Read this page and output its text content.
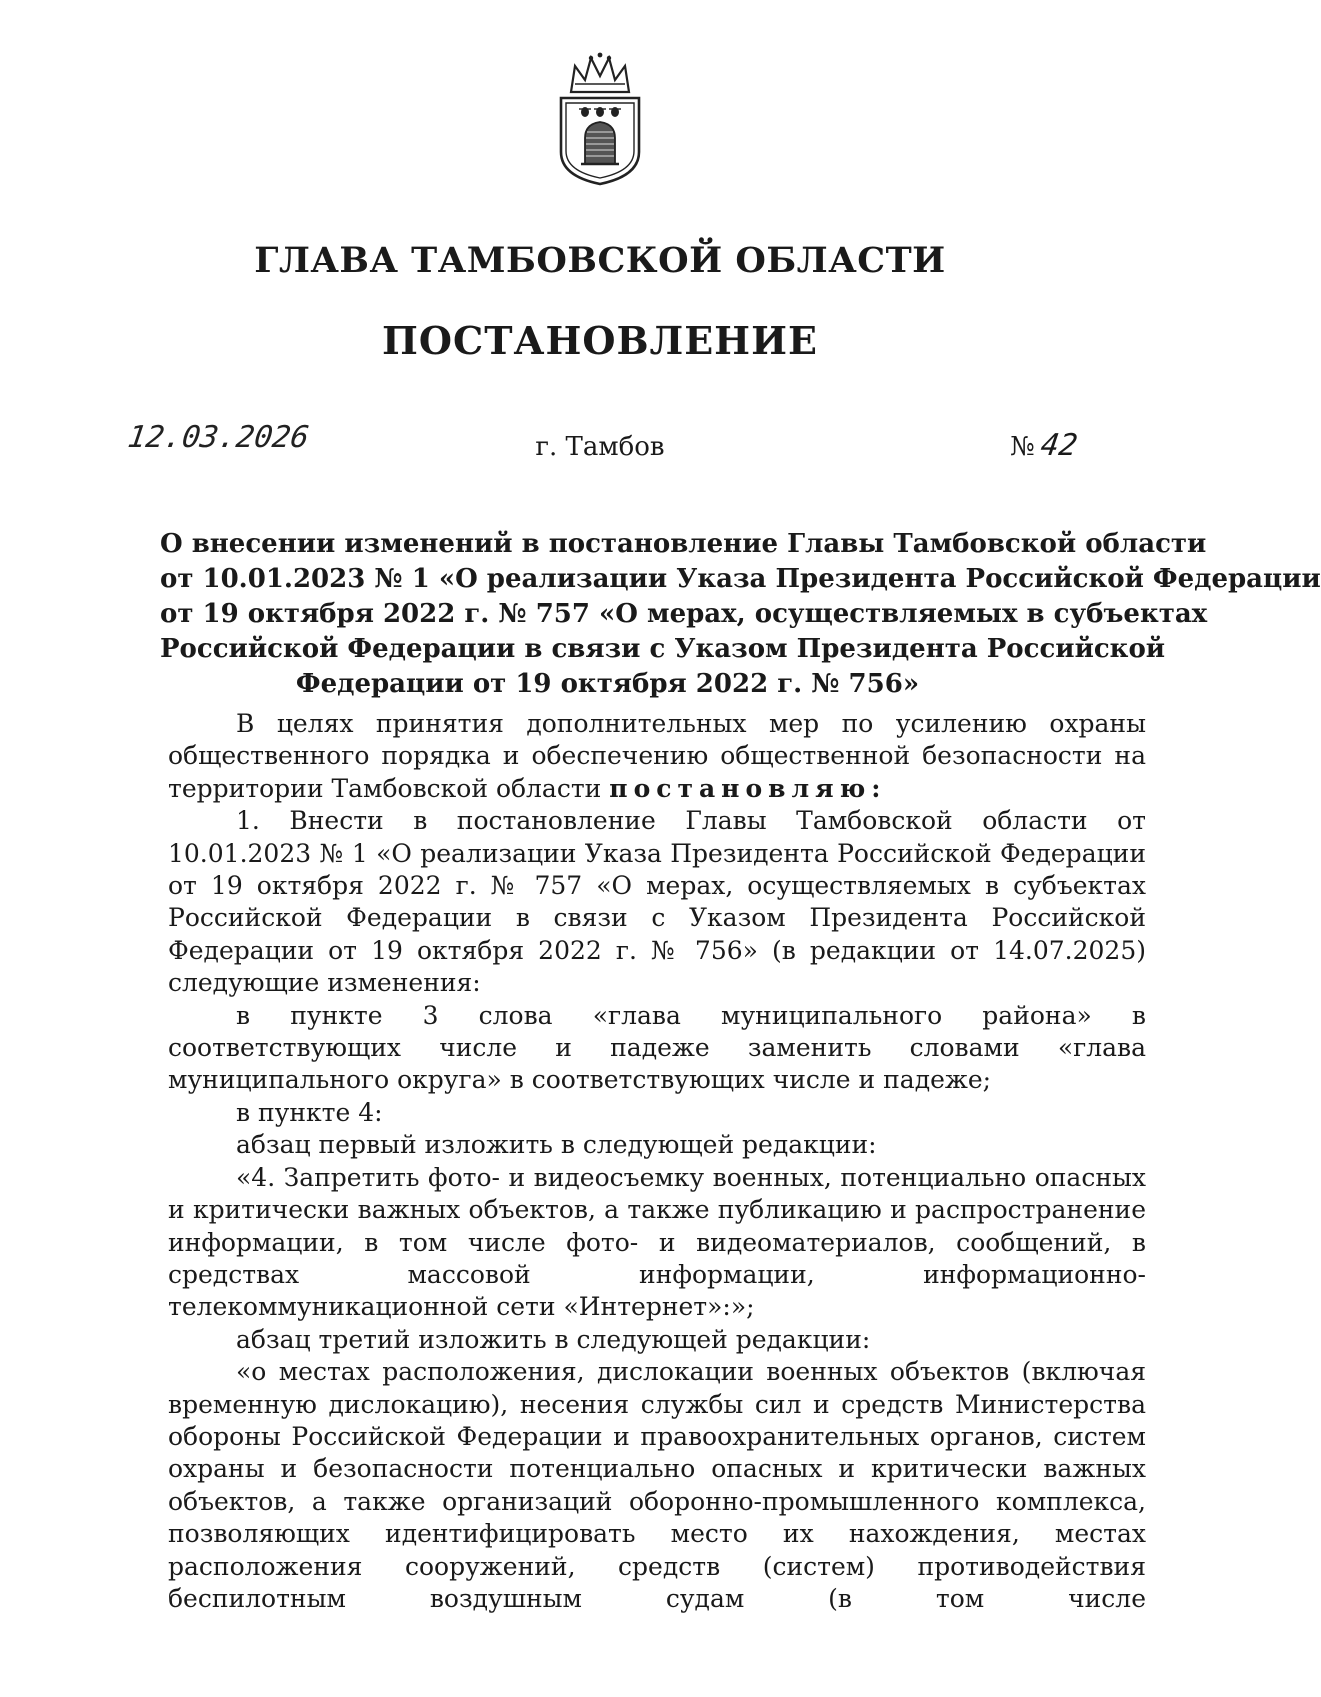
ГЛАВА ТАМБОВСКОЙ ОБЛАСТИ
ПОСТАНОВЛЕНИЕ
12.03.2026	г. Тамбов	№ 42
О внесении изменений в постановление Главы Тамбовской области
от 10.01.2023 № 1 «О реализации Указа Президента Российской Федерации
от 19 октября 2022 г. № 757 «О мерах, осуществляемых в субъектах
Российской Федерации в связи с Указом Президента Российской
Федерации от 19 октября 2022 г. № 756»

В целях принятия дополнительных мер по усилению охраны общественного порядка и обеспечению общественной безопасности на территории Тамбовской области постановляю:

1. Внести в постановление Главы Тамбовской области от 10.01.2023 № 1 «О реализации Указа Президента Российской Федерации от 19 октября 2022 г. № 757 «О мерах, осуществляемых в субъектах Российской Федерации в связи с Указом Президента Российской Федерации от 19 октября 2022 г. № 756» (в редакции от 14.07.2025) следующие изменения:

в пункте 3 слова «глава муниципального района» в соответствующих числе и падеже заменить словами «глава муниципального округа» в соответствующих числе и падеже;

в пункте 4:

абзац первый изложить в следующей редакции:

«4. Запретить фото- и видеосъемку военных, потенциально опасных и критически важных объектов, а также публикацию и распространение информации, в том числе фото- и видеоматериалов, сообщений, в средствах массовой информации, информационно-телекоммуникационной сети «Интернет»:»;

абзац третий изложить в следующей редакции:

«о местах расположения, дислокации военных объектов (включая временную дислокацию), несения службы сил и средств Министерства обороны Российской Федерации и правоохранительных органов, систем охраны и безопасности потенциально опасных и критически важных объектов, а также организаций оборонно-промышленного комплекса, позволяющих идентифицировать место их нахождения, местах расположения сооружений, средств (систем) противодействия беспилотным воздушным судам (в том числе
